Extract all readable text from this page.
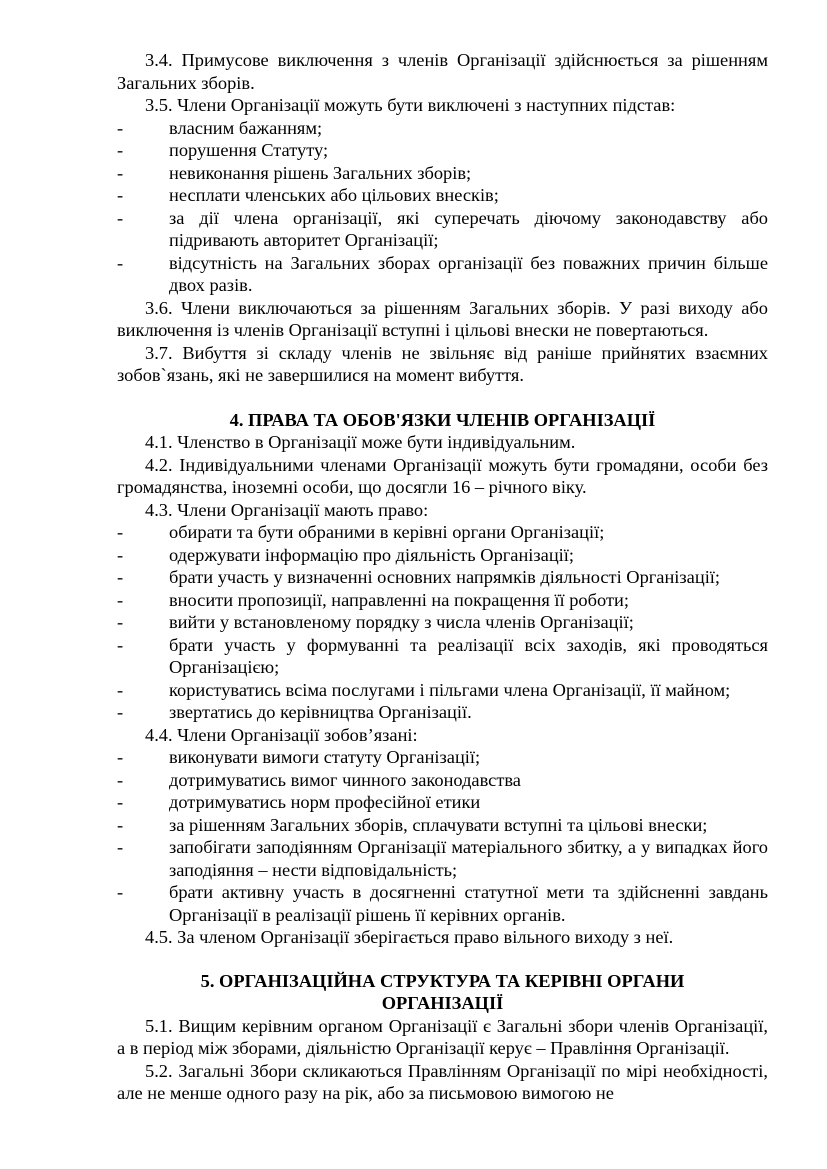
3.4. Примусове виключення з членів Організації здійснюється за рішенням Загальних зборів.

3.5. Члени Організації можуть бути виключені з наступних підстав:

-	власним бажанням;
-	порушення Статуту;
-	невиконання рішень Загальних зборів;
-	несплати членських або цільових внесків;
-	за дії члена організації, які суперечать діючому законодавству або підривають авторитет Організації;
-	відсутність на Загальних зборах організації без поважних причин більше двох разів.

3.6. Члени виключаються за рішенням Загальних зборів. У разі виходу або виключення із членів Організації вступні і цільові внески не повертаються.

3.7. Вибуття зі складу членів не звільняє від раніше прийнятих взаємних зобов`язань, які не завершилися на момент вибуття.

4. ПРАВА ТА ОБОВ'ЯЗКИ ЧЛЕНІВ ОРГАНІЗАЦІЇ

4.1. Членство в Організації може бути індивідуальним.

4.2. Індивідуальними членами Організації можуть бути громадяни, особи без громадянства, іноземні особи, що досягли 16 – річного віку.

4.3. Члени Організації мають право:

-	обирати та бути обраними в керівні органи Організації;
-	одержувати інформацію про діяльність Організації;
-	брати участь у визначенні основних напрямків діяльності Організації;
-	вносити пропозиції, направленні на покращення її роботи;
-	вийти у встановленому порядку з числа членів Організації;
-	брати участь у формуванні та реалізації всіх заходів, які проводяться Організацією;
-	користуватись всіма послугами і пільгами члена Організації, її майном;
-	звертатись до керівництва Організації.

4.4. Члени Організації зобов’язані:

-	виконувати вимоги статуту Організації;
-	дотримуватись вимог чинного законодавства
-	дотримуватись норм професійної етики
-	за рішенням Загальних зборів, сплачувати вступні та цільові внески;
-	запобігати заподіянням Організації матеріального збитку, а у випадках його заподіяння – нести відповідальність;
-	брати активну участь в досягненні статутної мети та здійсненні завдань Організації в реалізації рішень її керівних органів.

4.5. За членом Організації зберігається право вільного виходу з неї.

5. ОРГАНІЗАЦІЙНА СТРУКТУРА ТА КЕРІВНІ ОРГАНИ
ОРГАНІЗАЦІЇ

5.1. Вищим керівним органом Організації є Загальні збори членів Організації, а в період між зборами, діяльністю Організації керує – Правління Організації.

5.2. Загальні Збори скликаються Правлінням Організації по мірі необхідності, але не менше одного разу на рік, або за письмовою вимогою не
